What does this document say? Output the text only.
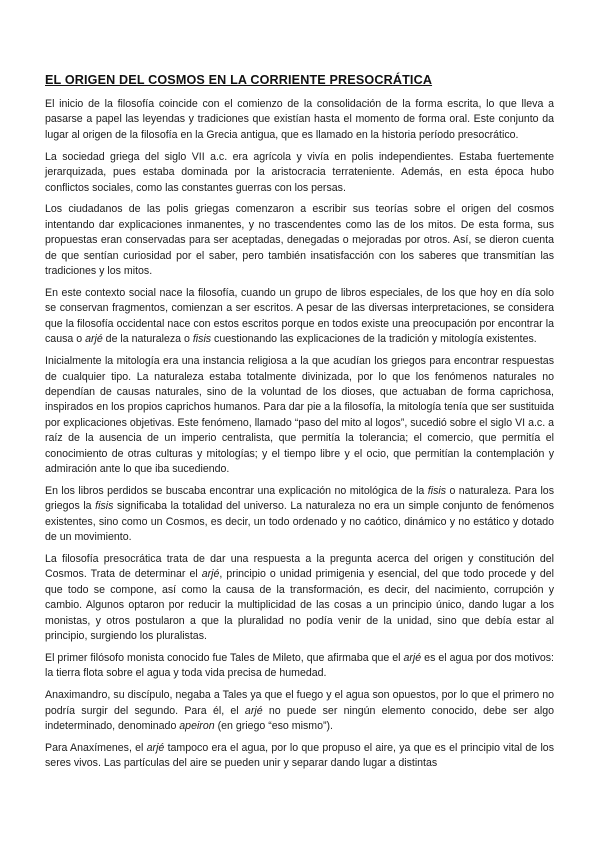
EL ORIGEN DEL COSMOS EN LA CORRIENTE PRESOCRÁTICA

El inicio de la filosofía coincide con el comienzo de la consolidación de la forma escrita, lo que lleva a pasarse a papel las leyendas y tradiciones que existían hasta el momento de forma oral. Este conjunto da lugar al origen de la filosofía en la Grecia antigua, que es llamado en la historia período presocrático.

La sociedad griega del siglo VII a.c. era agrícola y vivía en polis independientes. Estaba fuertemente jerarquizada, pues estaba dominada por la aristocracia terrateniente. Además, en esta época hubo conflictos sociales, como las constantes guerras con los persas.

Los ciudadanos de las polis griegas comenzaron a escribir sus teorías sobre el origen del cosmos intentando dar explicaciones inmanentes, y no trascendentes como las de los mitos. De esta forma, sus propuestas eran conservadas para ser aceptadas, denegadas o mejoradas por otros. Así, se dieron cuenta de que sentían curiosidad por el saber, pero también insatisfacción con los saberes que transmitían las tradiciones y los mitos.

En este contexto social nace la filosofía, cuando un grupo de libros especiales, de los que hoy en día solo se conservan fragmentos, comienzan a ser escritos. A pesar de las diversas interpretaciones, se considera que la filosofía occidental nace con estos escritos porque en todos existe una preocupación por encontrar la causa o arjé de la naturaleza o fisis cuestionando las explicaciones de la tradición y mitología existentes.

Inicialmente la mitología era una instancia religiosa a la que acudían los griegos para encontrar respuestas de cualquier tipo. La naturaleza estaba totalmente divinizada, por lo que los fenómenos naturales no dependían de causas naturales, sino de la voluntad de los dioses, que actuaban de forma caprichosa, inspirados en los propios caprichos humanos. Para dar pie a la filosofía, la mitología tenía que ser sustituida por explicaciones objetivas. Este fenómeno, llamado “paso del mito al logos”, sucedió sobre el siglo VI a.c. a raíz de la ausencia de un imperio centralista, que permitía la tolerancia; el comercio, que permitía el conocimiento de otras culturas y mitologías; y el tiempo libre y el ocio, que permitían la contemplación y admiración ante lo que iba sucediendo.

En los libros perdidos se buscaba encontrar una explicación no mitológica de la fisis o naturaleza. Para los griegos la fisis significaba la totalidad del universo. La naturaleza no era un simple conjunto de fenómenos existentes, sino como un Cosmos, es decir, un todo ordenado y no caótico, dinámico y no estático y dotado de un movimiento.

La filosofía presocrática trata de dar una respuesta a la pregunta acerca del origen y constitución del Cosmos. Trata de determinar el arjé, principio o unidad primigenia y esencial, del que todo procede y del que todo se compone, así como la causa de la transformación, es decir, del nacimiento, corrupción y cambio. Algunos optaron por reducir la multiplicidad de las cosas a un principio único, dando lugar a los monistas, y otros postularon a que la pluralidad no podía venir de la unidad, sino que debía estar al principio, surgiendo los pluralistas.

El primer filósofo monista conocido fue Tales de Mileto, que afirmaba que el arjé es el agua por dos motivos: la tierra flota sobre el agua y toda vida precisa de humedad.

Anaximandro, su discípulo, negaba a Tales ya que el fuego y el agua son opuestos, por lo que el primero no podría surgir del segundo. Para él, el arjé no puede ser ningún elemento conocido, debe ser algo indeterminado, denominado apeiron (en griego “eso mismo”).

Para Anaxímenes, el arjé tampoco era el agua, por lo que propuso el aire, ya que es el principio vital de los seres vivos. Las partículas del aire se pueden unir y separar dando lugar a distintas
